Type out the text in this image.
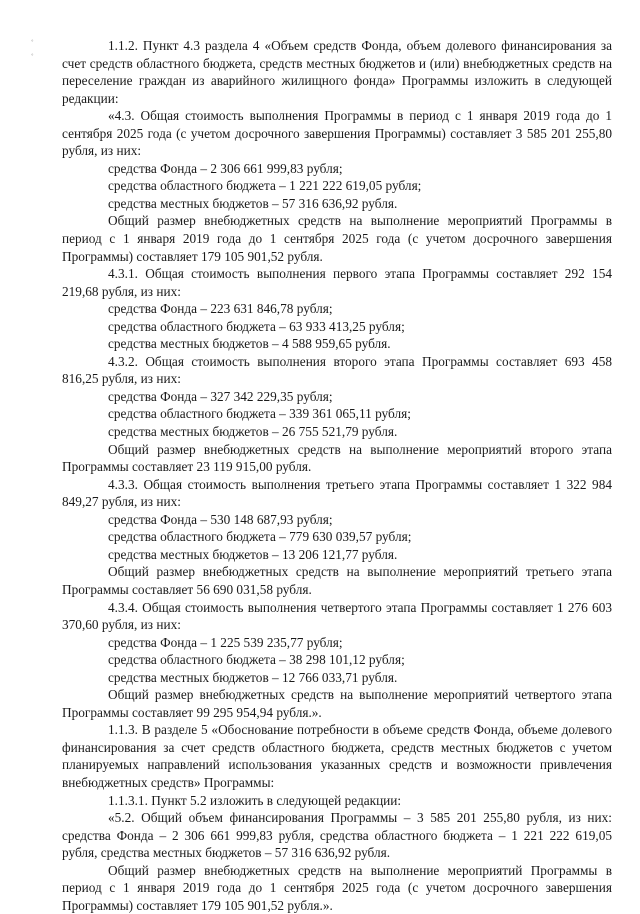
˚
˚

1.1.2. Пункт 4.3 раздела 4 «Объем средств Фонда, объем долевого финансирования за счет средств областного бюджета, средств местных бюджетов и (или) внебюджетных средств на переселение граждан из аварийного жилищного фонда» Программы изложить в следующей редакции:

«4.3. Общая стоимость выполнения Программы в период с 1 января 2019 года до 1 сентября 2025 года (с учетом досрочного завершения Программы) составляет 3 585 201 255,80 рубля, из них:

средства Фонда – 2 306 661 999,83 рубля;

средства областного бюджета – 1 221 222 619,05 рубля;

средства местных бюджетов – 57 316 636,92 рубля.

Общий размер внебюджетных средств на выполнение мероприятий Программы в период с 1 января 2019 года до 1 сентября 2025 года (с учетом досрочного завершения Программы) составляет 179 105 901,52 рубля.

4.3.1. Общая стоимость выполнения первого этапа Программы составляет 292 154 219,68 рубля, из них:

средства Фонда – 223 631 846,78 рубля;

средства областного бюджета – 63 933 413,25 рубля;

средства местных бюджетов – 4 588 959,65 рубля.

4.3.2. Общая стоимость выполнения второго этапа Программы составляет 693 458 816,25 рубля, из них:

средства Фонда – 327 342 229,35 рубля;

средства областного бюджета – 339 361 065,11 рубля;

средства местных бюджетов – 26 755 521,79 рубля.

Общий размер внебюджетных средств на выполнение мероприятий второго этапа Программы составляет 23 119 915,00 рубля.

4.3.3. Общая стоимость выполнения третьего этапа Программы составляет 1 322 984 849,27 рубля, из них:

средства Фонда – 530 148 687,93 рубля;

средства областного бюджета – 779 630 039,57 рубля;

средства местных бюджетов – 13 206 121,77 рубля.

Общий размер внебюджетных средств на выполнение мероприятий третьего этапа Программы составляет 56 690 031,58 рубля.

4.3.4. Общая стоимость выполнения четвертого этапа Программы составляет 1 276 603 370,60 рубля, из них:

средства Фонда – 1 225 539 235,77 рубля;

средства областного бюджета – 38 298 101,12 рубля;

средства местных бюджетов – 12 766 033,71 рубля.

Общий размер внебюджетных средств на выполнение мероприятий четвертого этапа Программы составляет 99 295 954,94 рубля.».

1.1.3. В разделе 5 «Обоснование потребности в объеме средств Фонда, объеме долевого финансирования за счет средств областного бюджета, средств местных бюджетов с учетом планируемых направлений использования указанных средств и возможности привлечения внебюджетных средств» Программы:

1.1.3.1. Пункт 5.2 изложить в следующей редакции:

«5.2. Общий объем финансирования Программы – 3 585 201 255,80 рубля, из них: средства Фонда – 2 306 661 999,83 рубля, средства областного бюджета – 1 221 222 619,05 рубля, средства местных бюджетов – 57 316 636,92 рубля.

Общий размер внебюджетных средств на выполнение мероприятий Программы в период с 1 января 2019 года до 1 сентября 2025 года (с учетом досрочного завершения Программы) составляет 179 105 901,52 рубля.».
